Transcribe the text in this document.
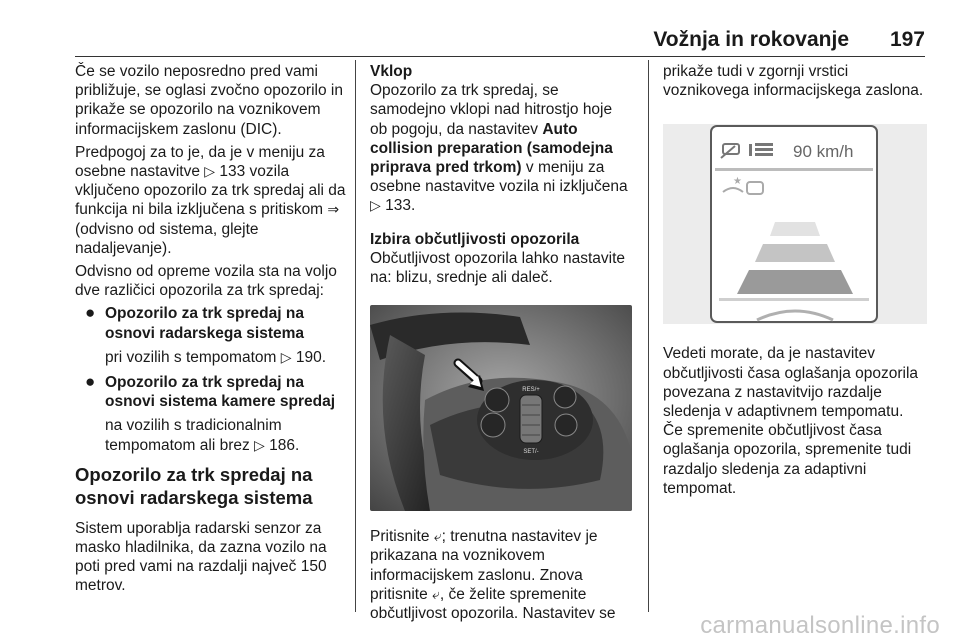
Vožnja in rokovanje 197

Če se vozilo neposredno pred vami približuje, se oglasi zvočno opozorilo in prikaže se opozorilo na voznikovem informacijskem zaslonu (DIC).

Predpogoj za to je, da je v meniju za osebne nastavitve ▷ 133 vozila vključeno opozorilo za trk spredaj ali da funkcija ni bila izključena s pritiskom ⇒ (odvisno od sistema, glejte nadaljevanje).

Odvisno od opreme vozila sta na voljo dve različici opozorila za trk spredaj:

● Opozorilo za trk spredaj na osnovi radarskega sistema
pri vozilih s tempomatom ▷ 190.
● Opozorilo za trk spredaj na osnovi sistema kamere spredaj
na vozilih s tradicionalnim tempomatom ali brez ▷ 186.
Opozorilo za trk spredaj na osnovi radarskega sistema

Sistem uporablja radarski senzor za masko hladilnika, da zazna vozilo na poti pred vami na razdalji največ 150 metrov.

Vklop

Opozorilo za trk spredaj, se samodejno vklopi nad hitrostjo hoje ob pogoju, da nastavitev Auto collision preparation (samodejna priprava pred trkom) v meniju za osebne nastavitve vozila ni izključena ▷ 133.

Izbira občutljivosti opozorila

Občutljivost opozorila lahko nastavite na: blizu, srednje ali daleč.

RES/+
SET/-

Pritisnite ⤶; trenutna nastavitev je prikazana na voznikovem informacijskem zaslonu. Znova pritisnite ⤶, če želite spremenite občutljivost opozorila. Nastavitev se

prikaže tudi v zgornji vrstici voznikovega informacijskega zaslona.

90 km/h
★

Vedeti morate, da je nastavitev občutljivosti časa oglašanja opozorila povezana z nastavitvijo razdalje sledenja v adaptivnem tempomatu. Če spremenite občutljivost časa oglašanja opozorila, spremenite tudi razdaljo sledenja za adaptivni tempomat.

carmanualsonline.info
